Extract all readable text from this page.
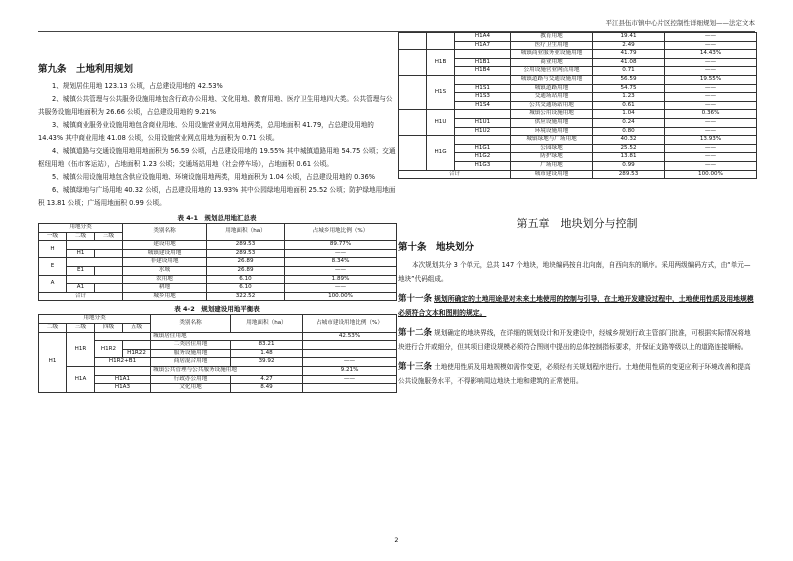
平江县伍市镇中心片区控制性详细规划——法定文本
第九条　土地利用规划

1、规划居住用地 123.13 公顷，占总建设用地的 42.53%

2、城镇公共管理与公共服务设施用地包含行政办公用地、文化用地、教育用地、医疗卫生用地四大类。公共管理与公共服务设施用地面积为 26.66 公顷，占总建设用地的 9.21%

3、城镇商业服务业设施用地包含商业用地、公用设施营业网点用地两类，总用地面积 41.79，占总建设用地的 14.43% 其中商业用地 41.08 公顷，公用设施营业网点用地为面积为 0.71 公顷。

4、城镇道路与交通设施用地用地面积为 56.59 公顷，占总建设用地的 19.55% 其中城镇道路用地 54.75 公顷；交通枢纽用地（伍市客运站），占地面积 1.23 公顷；交通场站用地（社会停车场），占地面积 0.61 公顷。

5、城镇公用设施用地包含供应设施用地、环境设施用地两类，用地面积为 1.04 公顷，占总建设用地的 0.36%

6、城镇绿地与广场用地 40.32 公顷，占总建设用地的 13.93% 其中公园绿地用地面积 25.52 公顷；防护绿地用地面积 13.81 公顷；广场用地面积 0.99 公顷。

表 4-1　规划总用地汇总表
用地分类			类别名称	用地面积（ha）	占城乡用地比例（%）
一级	二级	三级			
H			建设用地	289.53	89.77%
	H1		城镇建设用地	289.53	——
E			非建设用地	26.89	8.34%
	E1		水域	26.89	——
A			农用地	6.10	1.89%
	A1		耕地	6.10	——
合计			城乡用地	322.52	100.00%
表 4-2　规划建设用地平衡表
用地分类				类别名称	用地面积（ha）	占城市建设用地比例（%）
二级	三级	四级	五级			
H1	H1R			城镇居住用地		42.53%
		H1R2		二类居住用地	83.21	
			H1R22	服务设施用地	1.48	
		H1R2+B1		商居混合用地	39.92	——
	H1A			城镇公共管理与公共服务设施用地		9.21%
		H1A1		行政办公用地	4.27	——
		H1A3		文化用地	8.49	
		H1A4	教育用地	19.41	——
		H1A7	医疗卫生用地	2.49	——
	H1B		城镇商业服务业设施用地	41.79	14.43%
		H1B1	商业用地	41.08	——
		H1B4	公用设施营业网点用地	0.71	——
	H1S		城镇道路与交通设施用地	56.59	19.55%
		H1S1	城镇道路用地	54.75	——
		H1S3	交通场站用地	1.23	——
		H1S4	公共交通场站用地	0.61	——
	H1U		城镇公用设施用地	1.04	0.36%
		H1U1	供应设施用地	0.24	——
		H1U2	环境设施用地	0.80	——
	H1G		城镇绿地与广场用地	40.32	13.93%
		H1G1	公园绿地	25.52	——
		H1G2	防护绿地	13.81	——
		H1G3	广场用地	0.99	——
合计			城市建设用地	289.53	100.00%
第五章　地块划分与控制
第十条　地块划分

本次规划共分 3 个单元，总共 147 个地块，地块编码按自北向南，自西向东的顺序。采用两级编码方式，由“单元—地块”代码组成。

第十一条 规划所确定的土地用途是对未来土地使用的控制与引导，在土地开发建设过程中，土地使用性质及用地规模必须符合文本和图则的规定。

第十二条 规划确定的地块界线，在详细的规划设计和开发建设中，经城乡规划行政主管部门批准，可根据实际情况将地块进行合并或细分，但其项目建设规模必须符合图则中提出的总体控制指标要求，并保证支路等级以上的道路连接顺畅。

第十三条 土地使用性质及用地规模如需作变更，必须经有关规划程序进行。土地使用性质的变更应利于环境改善和提高公共设施服务水平，不得影响周边地块土地和建筑的正常使用。

2
